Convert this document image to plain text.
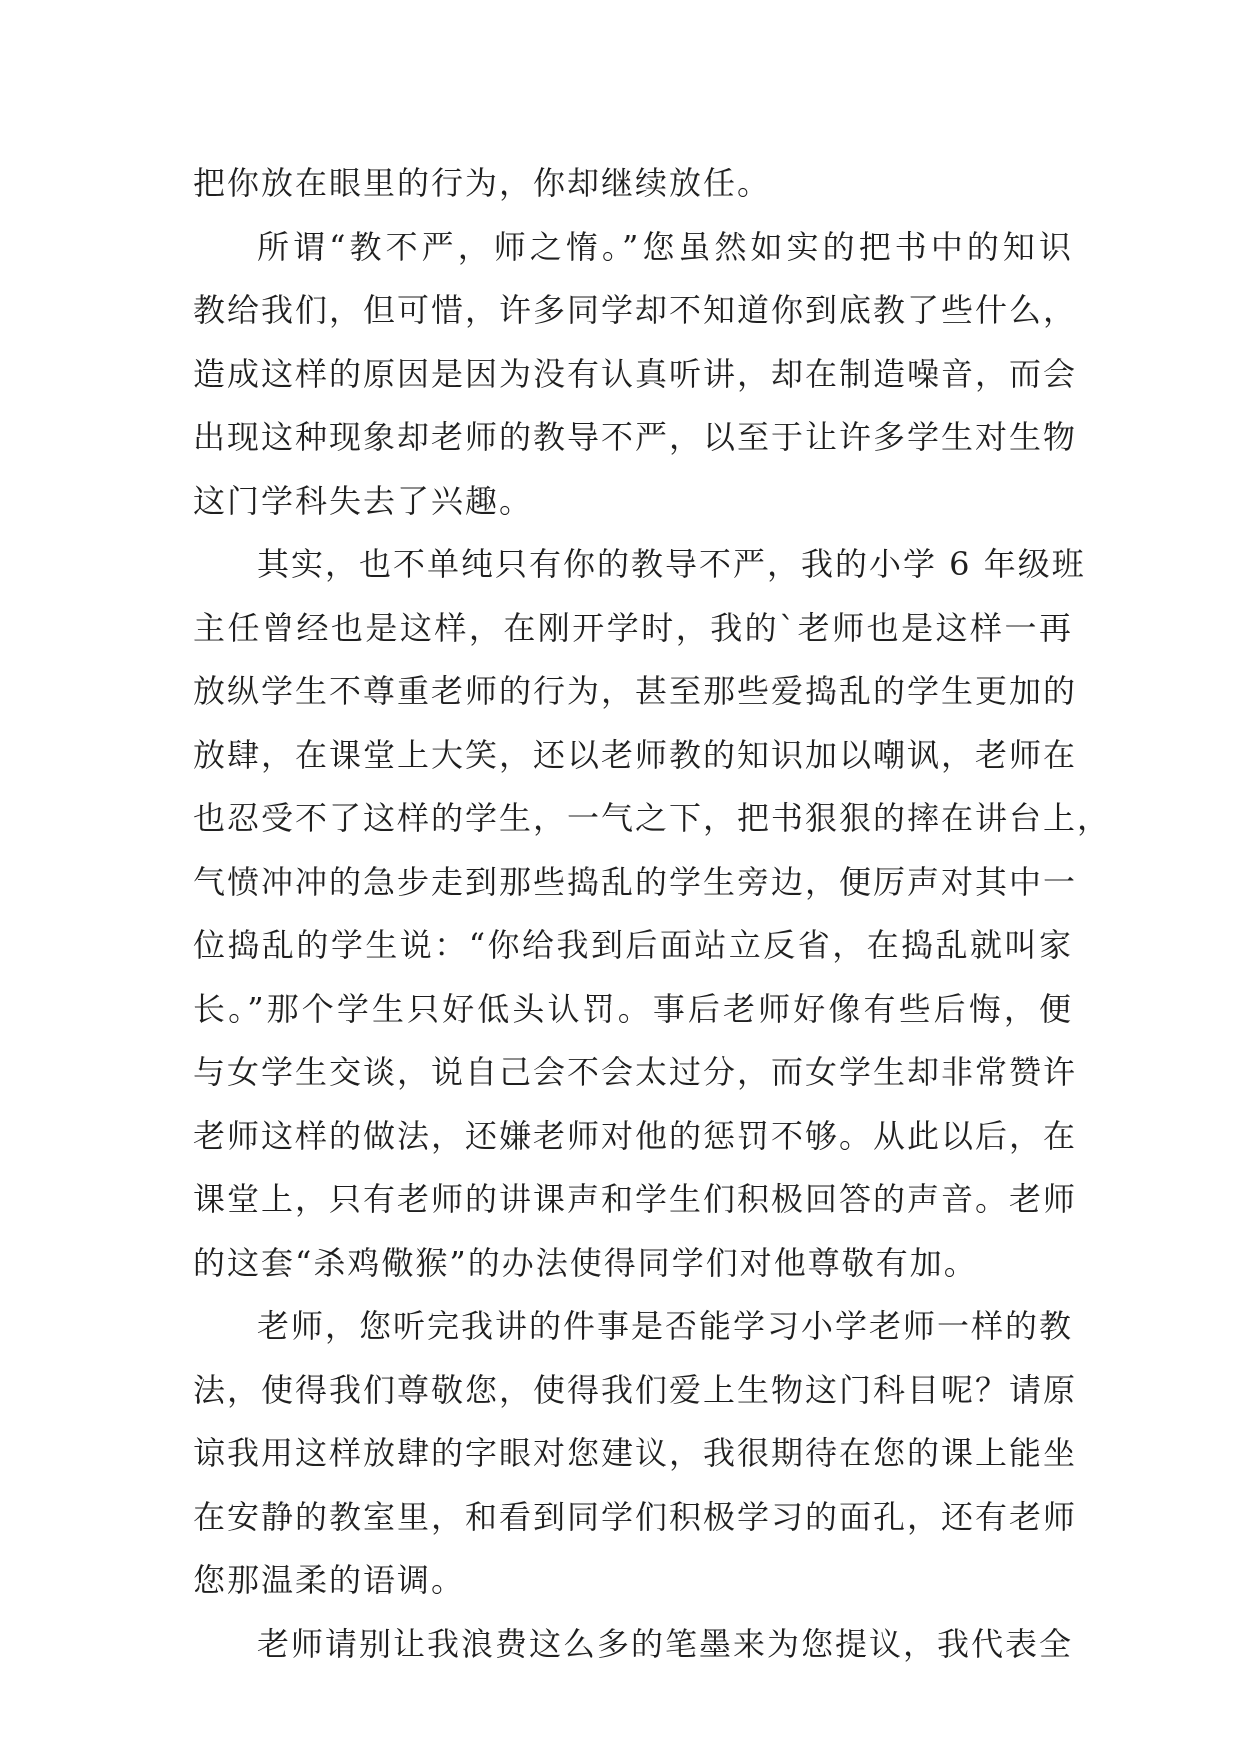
把你放在眼里的行为，你却继续放任。
所谓“教不严，师之惰。”您虽然如实的把书中的知识
教给我们，但可惜，许多同学却不知道你到底教了些什么，
造成这样的原因是因为没有认真听讲，却在制造噪音，而会
出现这种现象却老师的教导不严，以至于让许多学生对生物
这门学科失去了兴趣。
其实，也不单纯只有你的教导不严，我的小学 6 年级班
主任曾经也是这样，在刚开学时，我的`老师也是这样一再
放纵学生不尊重老师的行为，甚至那些爱捣乱的学生更加的
放肆，在课堂上大笑，还以老师教的知识加以嘲讽，老师在
也忍受不了这样的学生，一气之下，把书狠狠的摔在讲台上，
气愤冲冲的急步走到那些捣乱的学生旁边，便厉声对其中一
位捣乱的学生说：“你给我到后面站立反省，在捣乱就叫家
长。”那个学生只好低头认罚。事后老师好像有些后悔，便
与女学生交谈，说自己会不会太过分，而女学生却非常赞许
老师这样的做法，还嫌老师对他的惩罚不够。从此以后，在
课堂上，只有老师的讲课声和学生们积极回答的声音。老师
的这套“杀鸡儆猴”的办法使得同学们对他尊敬有加。
老师，您听完我讲的件事是否能学习小学老师一样的教
法，使得我们尊敬您，使得我们爱上生物这门科目呢？请原
谅我用这样放肆的字眼对您建议，我很期待在您的课上能坐
在安静的教室里，和看到同学们积极学习的面孔，还有老师
您那温柔的语调。
老师请别让我浪费这么多的笔墨来为您提议，我代表全
